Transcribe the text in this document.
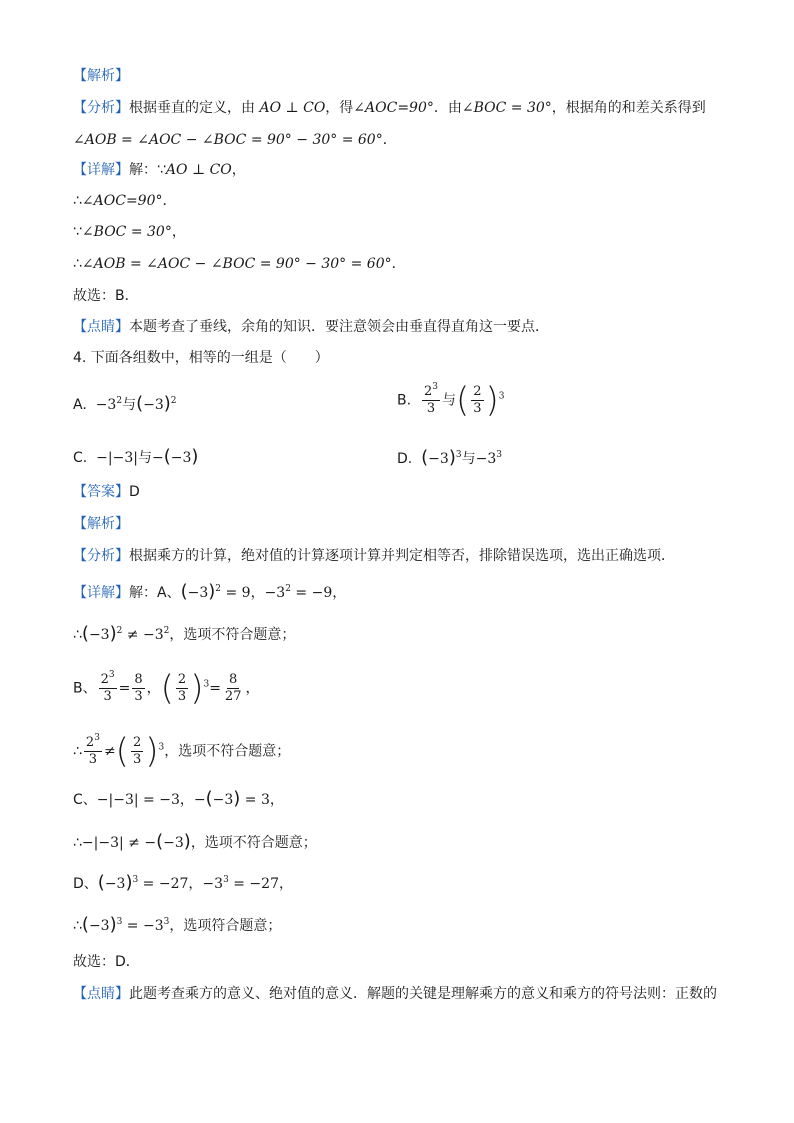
【解析】
【分析】根据垂直的定义，由 AO ⊥ CO，得∠AOC=90°．由∠BOC = 30°，根据角的和差关系得到
∠AOB = ∠AOC − ∠BOC = 90° − 30° = 60°．
【详解】解：∵AO ⊥ CO，
∴∠AOC=90°．
∵∠BOC = 30°，
∴∠AOB = ∠AOC − ∠BOC = 90° − 30° = 60°．
故选：B．
【点睛】本题考查了垂线，余角的知识．要注意领会由垂直得直角这一要点．
4. 下面各组数中，相等的一组是（　　）
A. $-3^2$与$(-3)^2$	B. $\frac{2^3}{3}$ 与( $\frac{2}{3} )^3$
C. −|−3|与−(−3)	D. $(-3)^3$与$-3^3$
【答案】D
【解析】
【分析】根据乘方的计算，绝对值的计算逐项计算并判定相等否，排除错误选项，选出正确选项．
【详解】解：A、$(-3)^2 = 9$，$-3^2 = -9$，
$\therefore(-3)^2 \ne -3^2$，选项不符合题意；
B、 $\frac{2^3}{3} = \frac{8}{3}$ ，( $\frac{2}{3} )^3= \frac{8}{27}$ ，
∴ $\frac{2^3}{3}$ ≠( $\frac{2}{3} )^3$，选项不符合题意；
C、−|−3| = −3，−(−3) = 3，
∴−|−3| ≠ −(−3)，选项不符合题意；
D、$(-3)^3 = -27$，$-3^3 = -27$，
$\therefore(-3)^3 = -3^3$，选项符合题意；
故选：D．
【点睛】此题考查乘方的意义、绝对值的意义．解题的关键是理解乘方的意义和乘方的符号法则：正数的
